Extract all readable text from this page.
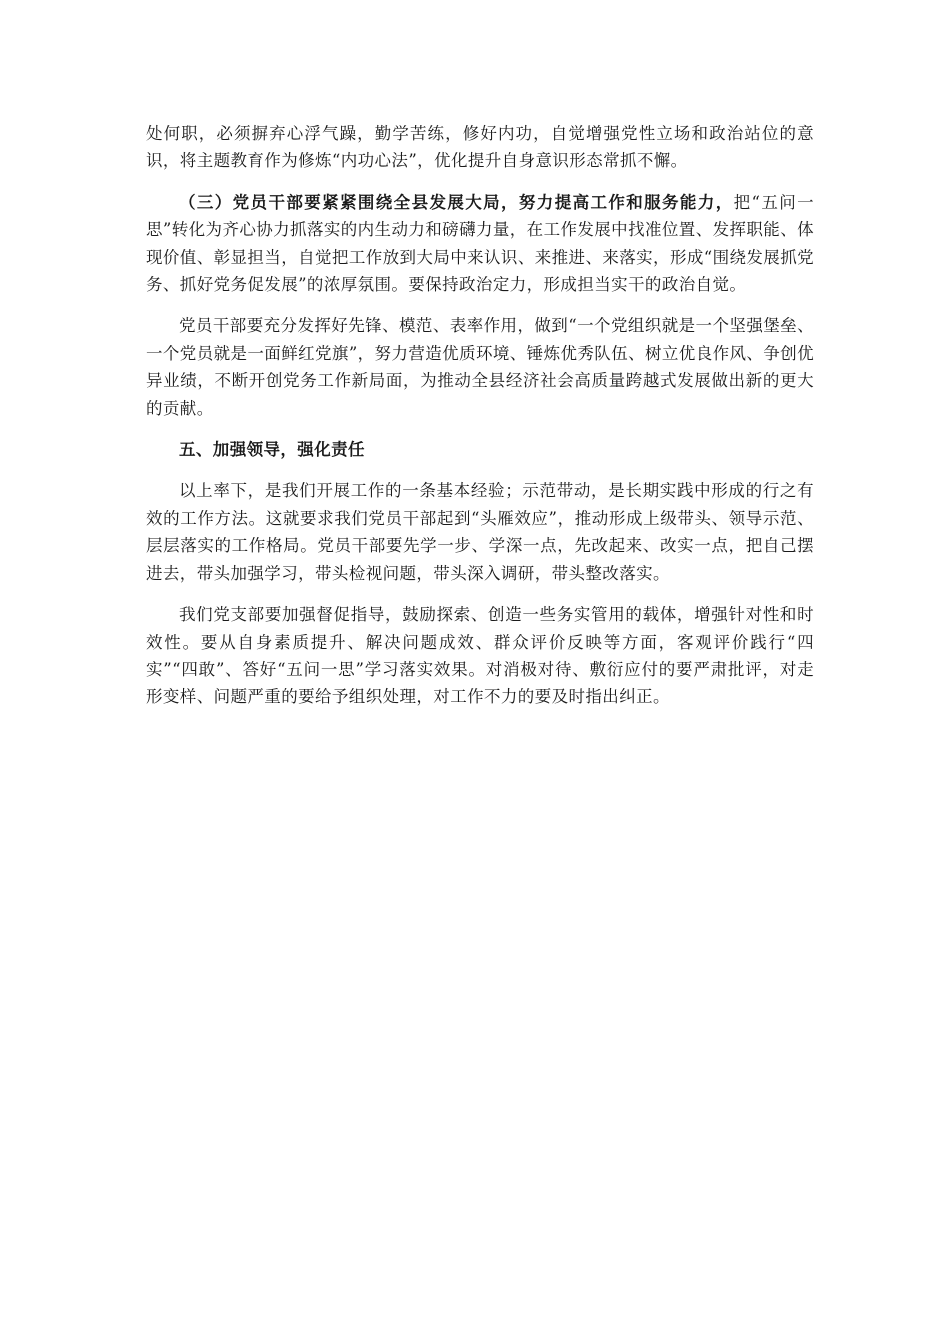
处何职，必须摒弃心浮气躁，勤学苦练，修好内功，自觉增强党性立场和政治站位的意识，将主题教育作为修炼“内功心法”，优化提升自身意识形态常抓不懈。

（三）党员干部要紧紧围绕全县发展大局，努力提高工作和服务能力，把“五问一思”转化为齐心协力抓落实的内生动力和磅礴力量，在工作发展中找准位置、发挥职能、体现价值、彰显担当，自觉把工作放到大局中来认识、来推进、来落实，形成“围绕发展抓党务、抓好党务促发展”的浓厚氛围。要保持政治定力，形成担当实干的政治自觉。

党员干部要充分发挥好先锋、模范、表率作用，做到“一个党组织就是一个坚强堡垒、一个党员就是一面鲜红党旗”，努力营造优质环境、锤炼优秀队伍、树立优良作风、争创优异业绩，不断开创党务工作新局面，为推动全县经济社会高质量跨越式发展做出新的更大的贡献。

五、加强领导，强化责任

以上率下，是我们开展工作的一条基本经验；示范带动，是长期实践中形成的行之有效的工作方法。这就要求我们党员干部起到“头雁效应”，推动形成上级带头、领导示范、层层落实的工作格局。党员干部要先学一步、学深一点，先改起来、改实一点，把自己摆进去，带头加强学习，带头检视问题，带头深入调研，带头整改落实。

我们党支部要加强督促指导，鼓励探索、创造一些务实管用的载体，增强针对性和时效性。要从自身素质提升、解决问题成效、群众评价反映等方面，客观评价践行“四实”“四敢”、答好“五问一思”学习落实效果。对消极对待、敷衍应付的要严肃批评，对走形变样、问题严重的要给予组织处理，对工作不力的要及时指出纠正。
